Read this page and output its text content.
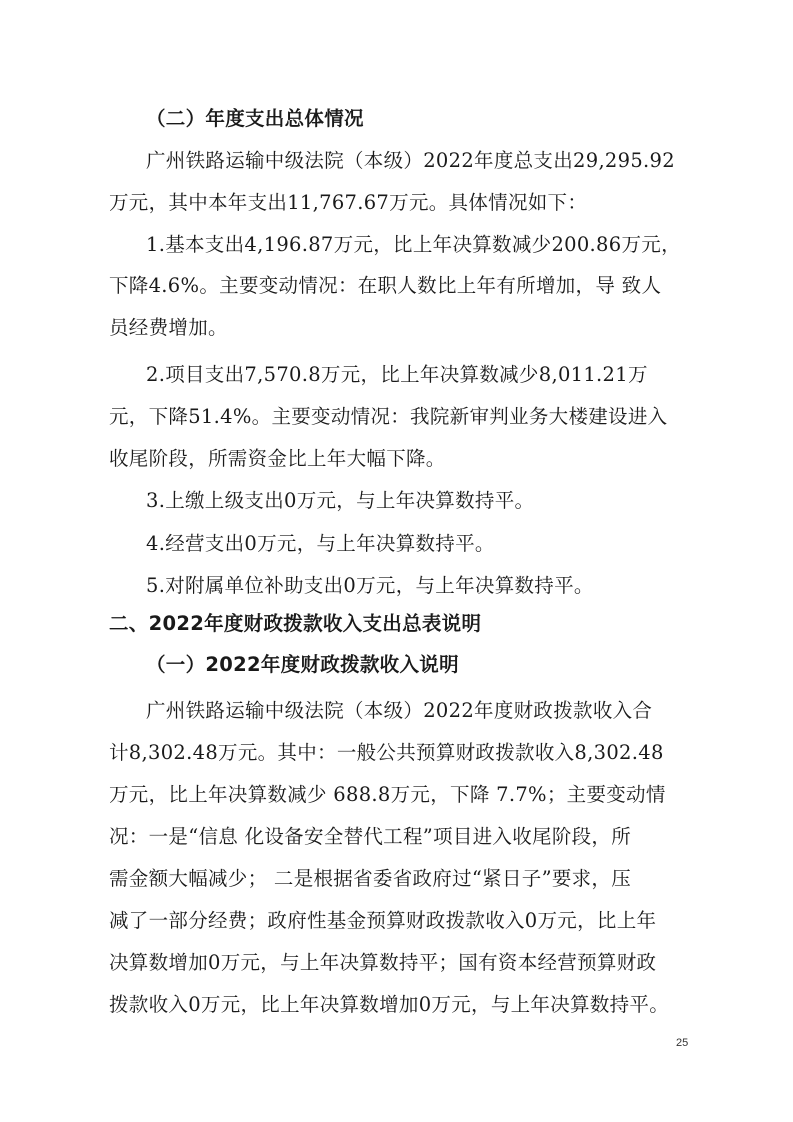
（二）年度支出总体情况
广州铁路运输中级法院（本级）2022年度总支出29,295.92
万元，其中本年支出11,767.67万元。具体情况如下：
1.基本支出4,196.87万元，比上年决算数减少200.86万元，
下降4.6%。主要变动情况：在职人数比上年有所增加，导 致人
员经费增加。
2.项目支出7,570.8万元，比上年决算数减少8,011.21万
元，下降51.4%。主要变动情况：我院新审判业务大楼建设进入
收尾阶段，所需资金比上年大幅下降。
3.上缴上级支出0万元，与上年决算数持平。
4.经营支出0万元，与上年决算数持平。
5.对附属单位补助支出0万元，与上年决算数持平。
二、2022年度财政拨款收入支出总表说明
（一）2022年度财政拨款收入说明
广州铁路运输中级法院（本级）2022年度财政拨款收入合
计8,302.48万元。其中：一般公共预算财政拨款收入8,302.48
万元，比上年决算数减少 688.8万元，下降 7.7%；主要变动情
况：一是“信息 化设备安全替代工程”项目进入收尾阶段，所
需金额大幅减少； 二是根据省委省政府过“紧日子”要求，压
减了一部分经费；政府性基金预算财政拨款收入0万元，比上年
决算数增加0万元，与上年决算数持平；国有资本经营预算财政
拨款收入0万元，比上年决算数增加0万元，与上年决算数持平。
25
